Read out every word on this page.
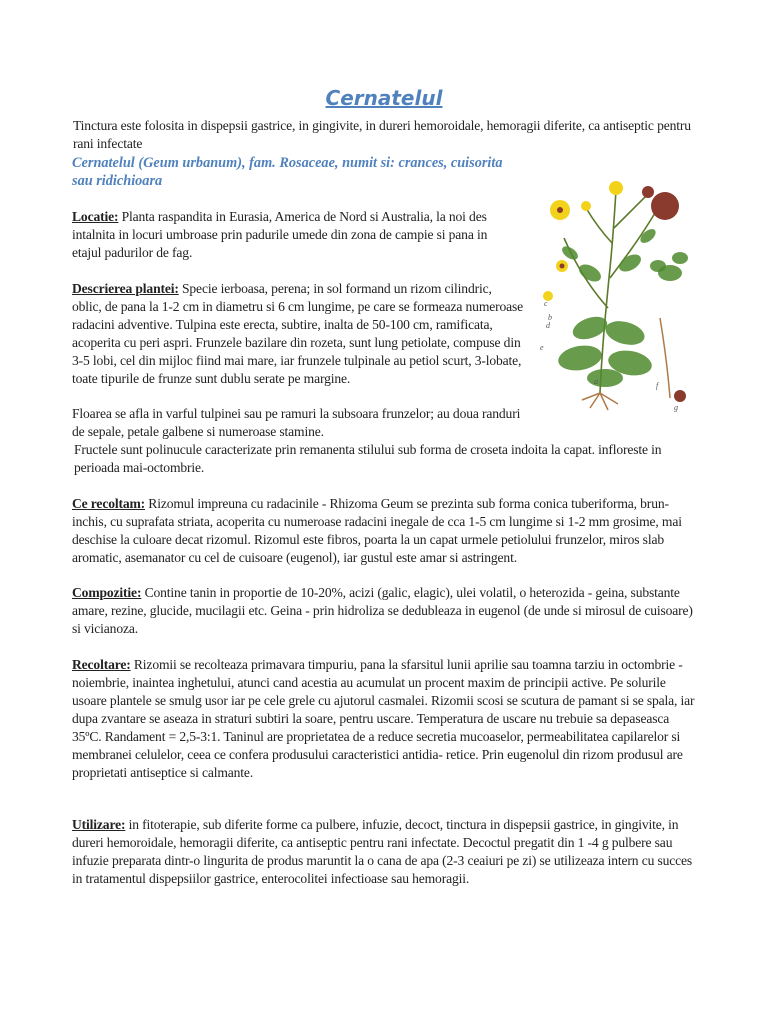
Cernatelul
Tinctura este folosita in dispepsii gastrice, in gingivite, in dureri hemoroidale, hemoragii diferite, ca antiseptic pentru rani infectate
Cernatelul (Geum urbanum), fam. Rosaceae, numit si: crances, cuisorita sau ridichioara
Locatie: Planta raspandita in Eurasia, America de Nord si Australia, la noi des intalnita in locuri umbroase prin padurile umede din zona de campie si pana in etajul padurilor de fag.
Descrierea plantei: Specie ierboasa, perena; in sol formand un rizom cilindric, oblic, de pana la 1-2 cm in diametru si 6 cm lungime, pe care se formeaza numeroase radacini adventive. Tulpina este erecta, subtire, inalta de 50-100 cm, ramificata, acoperita cu peri aspri. Frunzele bazilare din rozeta, sunt lung petiolate, compuse din 3-5 lobi, cel din mijloc fiind mai mare, iar frunzele tulpinale au petiol scurt, 3-lobate, toate tipurile de frunze sunt dublu serate pe margine.
Floarea se afla in varful tulpinei sau pe ramuri la subsoara frunzelor; au doua randuri de sepale, petale galbene si numeroase stamine.
Fructele sunt polinucule caracterizate prin remanenta stilului sub forma de croseta indoita la capat. infloreste in perioada mai-octombrie.
Ce recoltam: Rizomul impreuna cu radacinile - Rhizoma Geum se prezinta sub forma conica tuberiforma, brun-inchis, cu suprafata striata, acoperita cu numeroase radacini inegale de cca 1-5 cm lungime si 1-2 mm grosime, mai deschise la culoare decat rizomul. Rizomul este fibros, poarta la un capat urmele petiolului frunzelor, miros slab aromatic, asemanator cu cel de cuisoare (eugenol), iar gustul este amar si astringent.
Compozitie: Contine tanin in proportie de 10-20%, acizi (galic, elagic), ulei volatil, o heterozida - geina, substante amare, rezine, glucide, mucilagii etc. Geina - prin hidroliza se dedubleaza in eugenol (de unde si mirosul de cuisoare) si vicianoza.
Recoltare: Rizomii se recolteaza primavara timpuriu, pana la sfarsitul lunii aprilie sau toamna tarziu in octombrie - noiembrie, inaintea inghetului, atunci cand acestia au acumulat un procent maxim de principii active. Pe solurile usoare plantele se smulg usor iar pe cele grele cu ajutorul casmalei. Rizomii scosi se scutura de pamant si se spala, iar dupa zvantare se aseaza in straturi subtiri la soare, pentru uscare. Temperatura de uscare nu trebuie sa depaseasca 35ºC. Randament = 2,5-3:1. Taninul are proprietatea de a reduce secretia mucoaselor, permeabilitatea capilarelor si membranei celulelor, ceea ce confera produsului caracteristici antidia- retice. Prin eugenolul din rizom produsul are proprietati antiseptice si calmante.
Utilizare: in fitoterapie, sub diferite forme ca pulbere, infuzie, decoct, tinctura in dispepsii gastrice, in gingivite, in dureri hemoroidale, hemoragii diferite, ca antiseptic pentru rani infectate. Decoctul pregatit din 1 -4 g pulbere sau infuzie preparata dintr-o lingurita de produs maruntit la o cana de apa (2-3 ceaiuri pe zi) se utilizeaza intern cu succes in tratamentul dispepsiilor gastrice, enterocolitei infectioase sau hemoragii.
a
b
c
d
e
f
g
